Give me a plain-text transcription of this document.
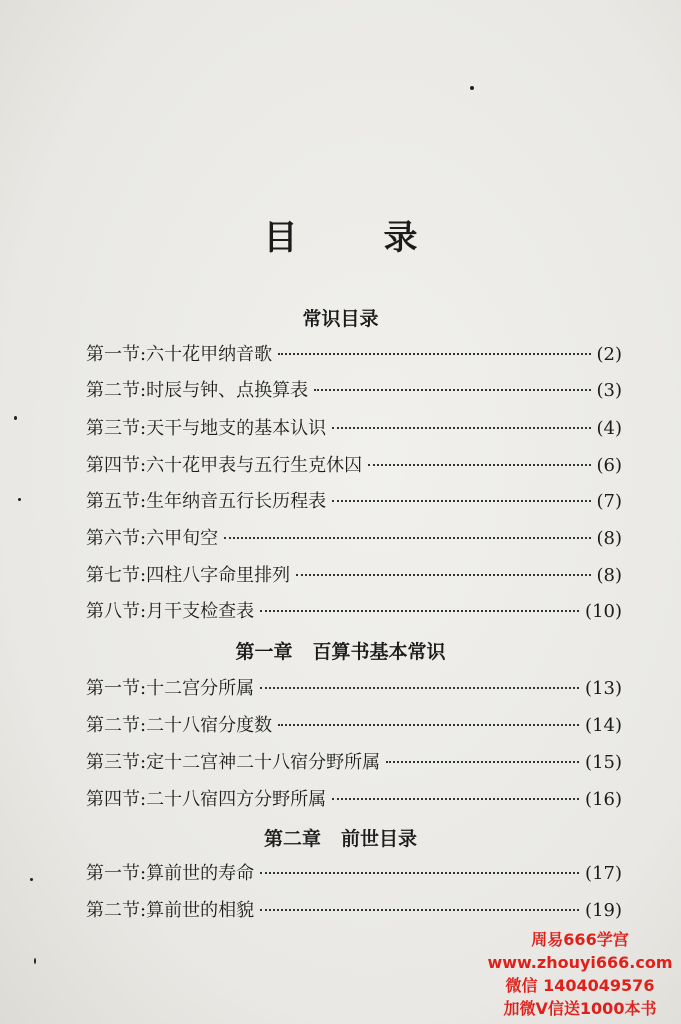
目	录
常识目录
第一节 : 六十花甲纳音歌	(2)
第二节 : 时辰与钟、点换算表	(3)
第三节 : 天干与地支的基本认识	(4)
第四节 : 六十花甲表与五行生克休囚	(6)
第五节 : 生年纳音五行长历程表	(7)
第六节 : 六甲旬空	(8)
第七节 : 四柱八字命里排列	(8)
第八节 : 月干支检查表	(10)
第一章 百算书基本常识
第一节 : 十二宫分所属	(13)
第二节 : 二十八宿分度数	(14)
第三节 : 定十二宫神二十八宿分野所属	(15)
第四节 : 二十八宿四方分野所属	(16)
第二章 前世目录
第一节 : 算前世的寿命	(17)
第二节 : 算前世的相貌	(19)
周易666学宫
www.zhouyi666.com
微信 1404049576
加微V信送1000本书
